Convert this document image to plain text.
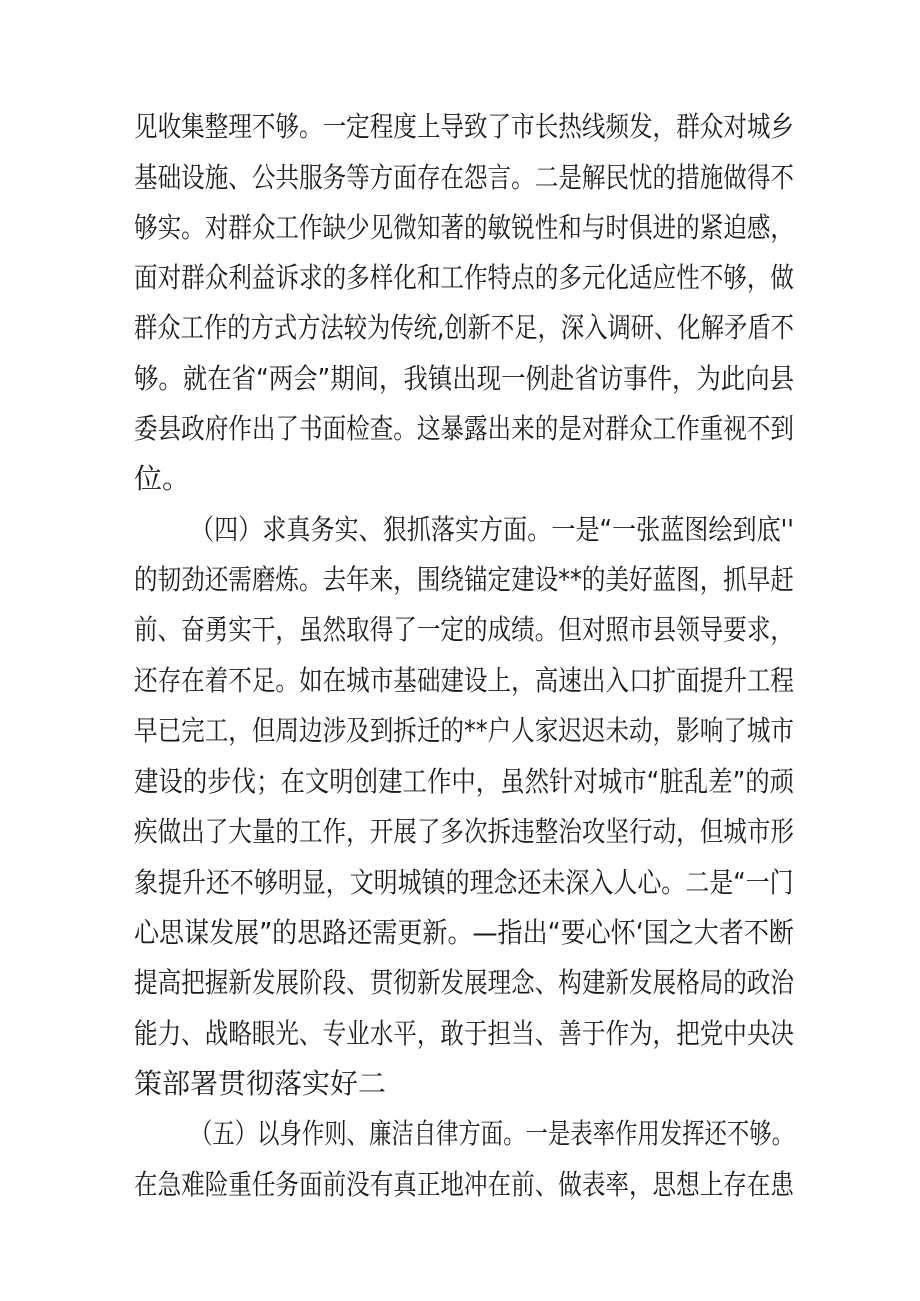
见收集整理不够。一定程度上导致了市长热线频发，群众对城乡
基础设施、公共服务等方面存在怨言。二是解民忧的措施做得不
够实。对群众工作缺少见微知著的敏锐性和与时俱进的紧迫感，
面对群众利益诉求的多样化和工作特点的多元化适应性不够，做
群众工作的方式方法较为传统,创新不足，深入调研、化解矛盾不
够。就在省“两会”期间，我镇出现一例赴省访事件，为此向县
委县政府作出了书面检查。这暴露出来的是对群众工作重视不到
位。
（四）求真务实、狠抓落实方面。一是“一张蓝图绘到底''
的韧劲还需磨炼。去年来，围绕锚定建设**的美好蓝图，抓早赶
前、奋勇实干，虽然取得了一定的成绩。但对照市县领导要求，
还存在着不足。如在城市基础建设上，高速出入口扩面提升工程
早已完工，但周边涉及到拆迁的**户人家迟迟未动，影响了城市
建设的步伐；在文明创建工作中，虽然针对城市“脏乱差”的顽
疾做出了大量的工作，开展了多次拆违整治攻坚行动，但城市形
象提升还不够明显，文明城镇的理念还未深入人心。二是“一门
心思谋发展”的思路还需更新。—指出“要心怀‘国之大者不断
提高把握新发展阶段、贯彻新发展理念、构建新发展格局的政治
能力、战略眼光、专业水平，敢于担当、善于作为，把党中央决
策部署贯彻落实好二
（五）以身作则、廉洁自律方面。一是表率作用发挥还不够。
在急难险重任务面前没有真正地冲在前、做表率，思想上存在患
